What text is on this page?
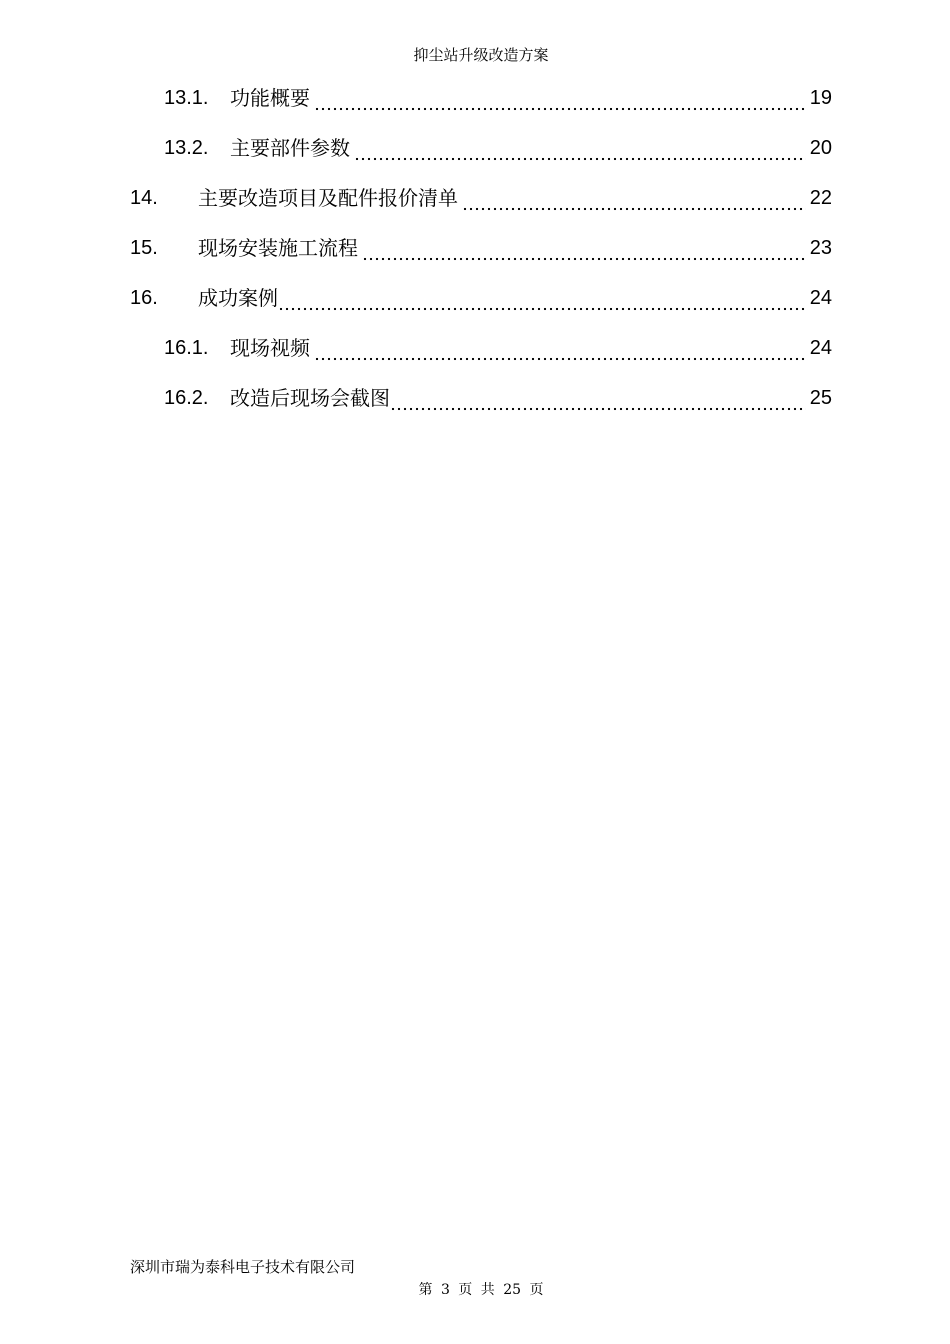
抑尘站升级改造方案
13.1.	功能概要	19
13.2.	主要部件参数	20
14.	主要改造项目及配件报价清单	22
15.	现场安装施工流程	23
16.	成功案例	24
16.1.	现场视频	24
16.2.	改造后现场会截图	25
深圳市瑞为泰科电子技术有限公司
第 3 页 共 25 页
